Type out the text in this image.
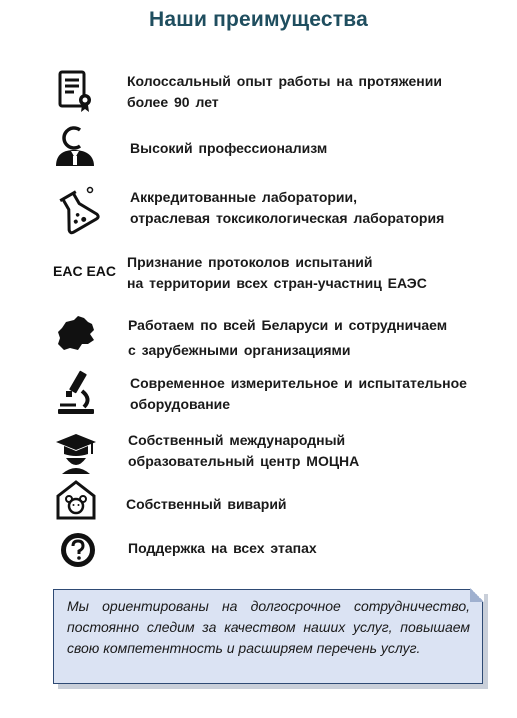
Наши преимущества
Колоссальный опыт работы на протяжении
более 90 лет
Высокий профессионализм
Аккредитованные лаборатории,
отраслевая токсикологическая лаборатория
EAC EAC
Признание протоколов испытаний
на территории всех стран-участниц ЕАЭС
Работаем по всей Беларуси и сотрудничаем
с зарубежными организациями
Современное измерительное и испытательное
оборудование
Собственный международный
образовательный центр МОЦНА
Собственный виварий
Поддержка на всех этапах
Мы ориентированы на долгосрочное сотрудничество, постоянно следим за качеством наших услуг, повышаем свою компетентность и расширяем перечень услуг.
